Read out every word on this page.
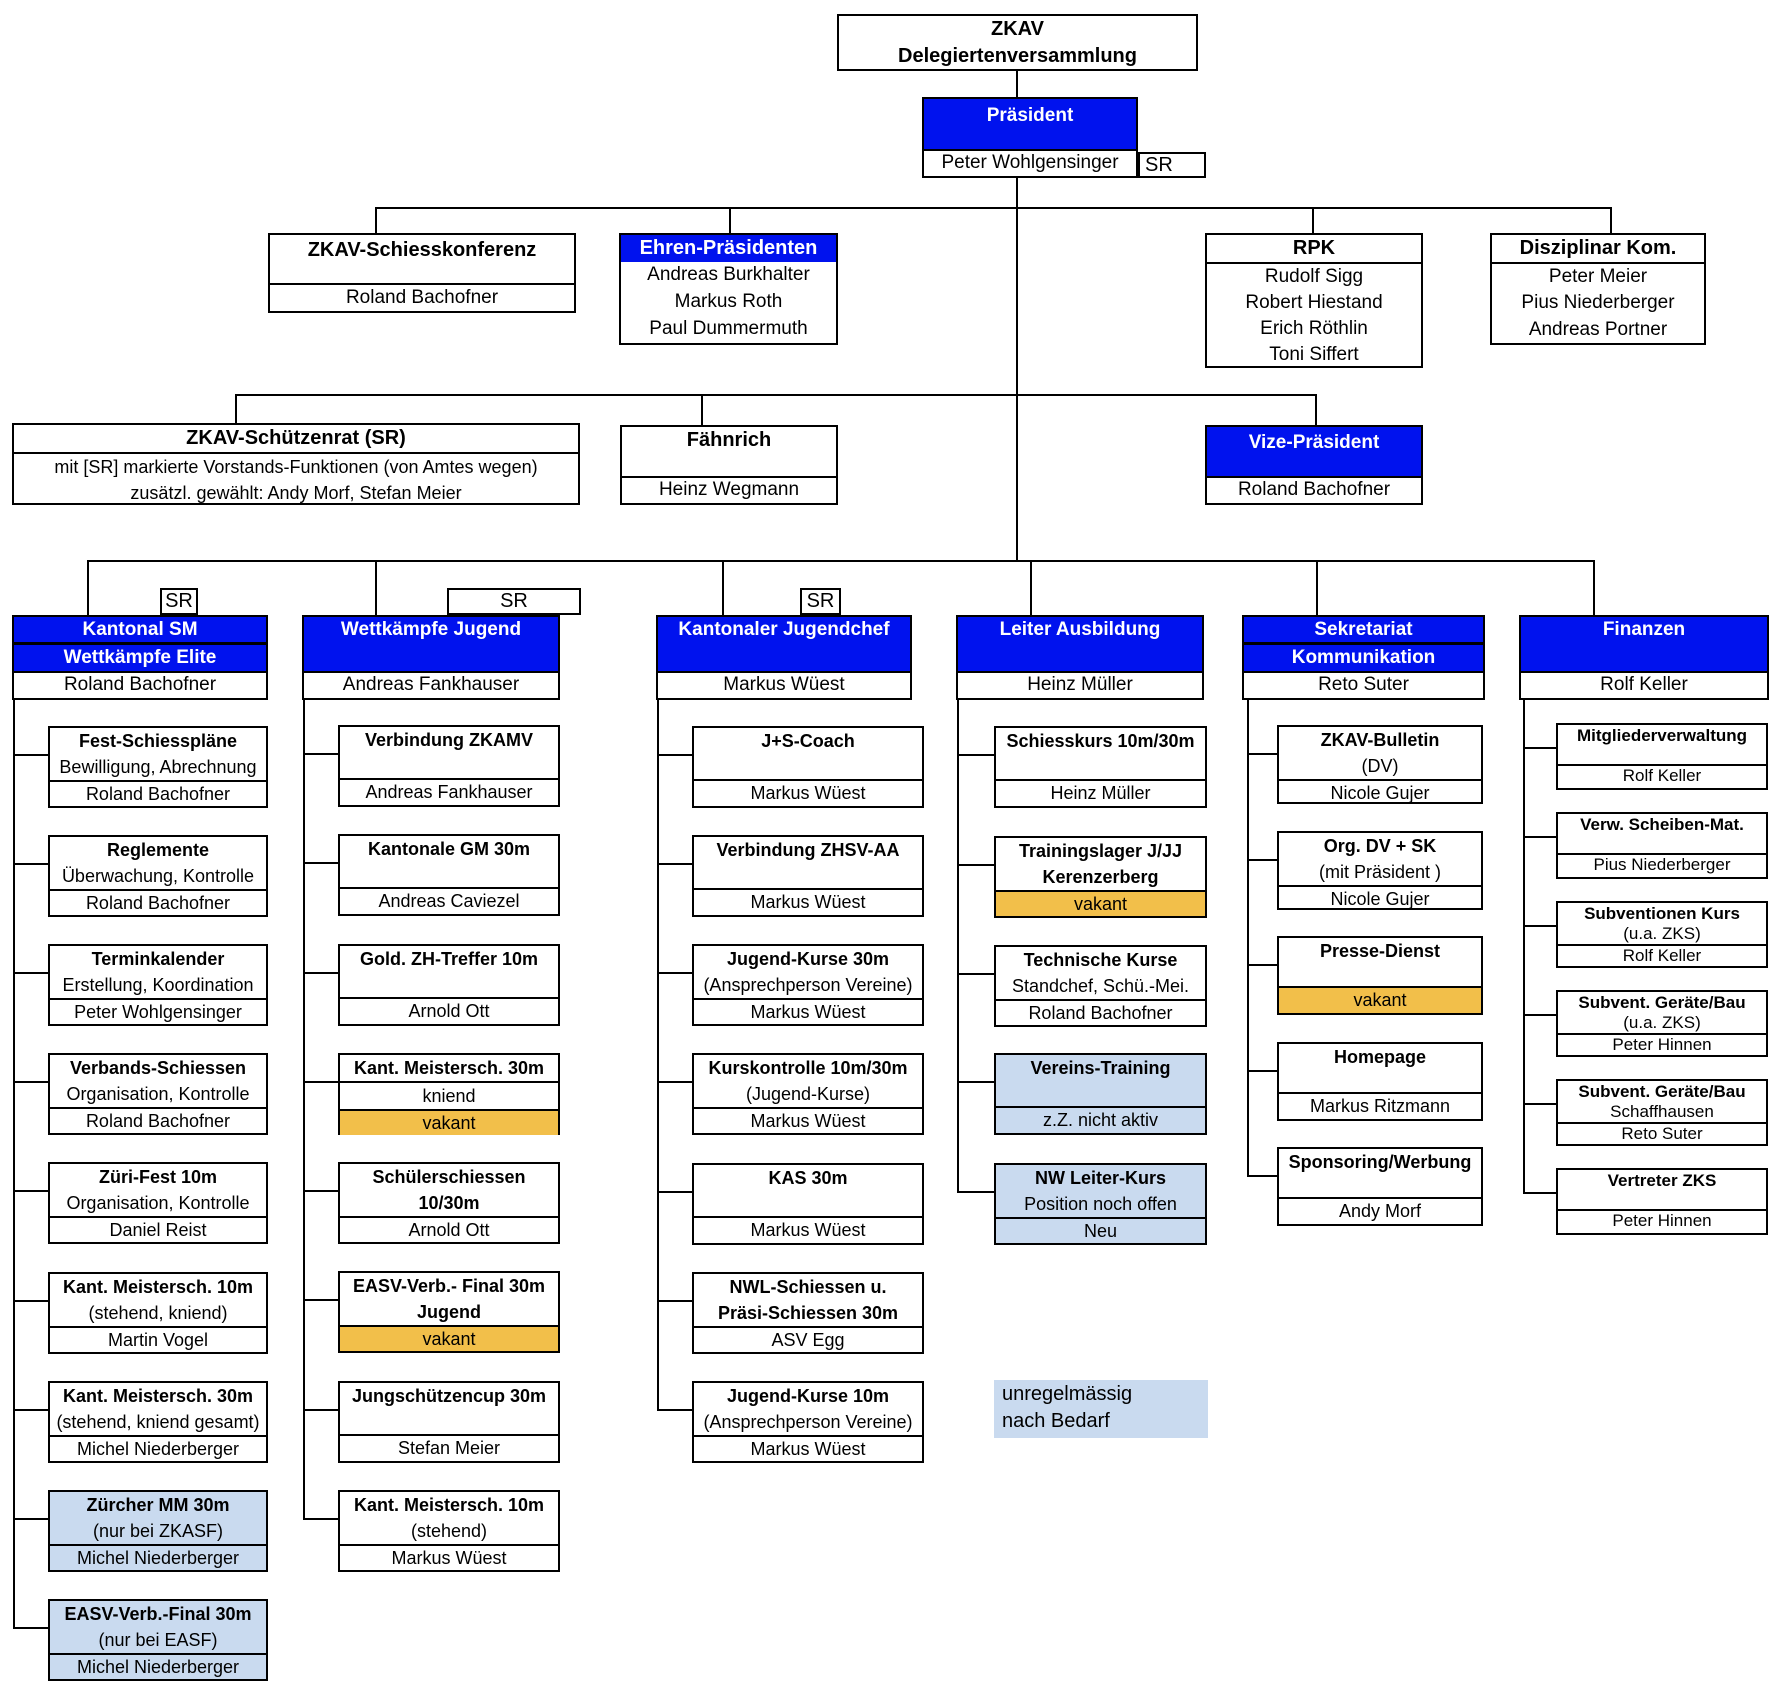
ZKAV
Delegiertenversammlung
Präsident
Peter Wohlgensinger	SR
ZKAV-Schiesskonferenz
Roland Bachofner
Ehren-Präsidenten
Andreas Burkhalter
Markus Roth
Paul Dummermuth
RPK
Rudolf Sigg
Robert Hiestand
Erich Röthlin
Toni Siffert
Disziplinar Kom.
Peter Meier
Pius Niederberger
Andreas Portner
ZKAV-Schützenrat (SR)
mit [SR] markierte Vorstands-Funktionen (von Amtes wegen)
zusätzl. gewählt: Andy Morf, Stefan Meier
Fähnrich
Heinz Wegmann
Vize-Präsident
Roland Bachofner
SR
Kantonal SM
Wettkämpfe Elite
Roland Bachofner
Fest-Schiesspläne
Bewilligung, Abrechnung
Roland Bachofner
Reglemente
Überwachung, Kontrolle
Roland Bachofner
Terminkalender
Erstellung, Koordination
Peter Wohlgensinger
Verbands-Schiessen
Organisation, Kontrolle
Roland Bachofner
Züri-Fest 10m
Organisation, Kontrolle
Daniel Reist
Kant. Meistersch. 10m
(stehend, kniend)
Martin Vogel
Kant. Meistersch. 30m
(stehend, kniend gesamt)
Michel Niederberger
Zürcher MM 30m
(nur bei ZKASF)
Michel Niederberger
EASV-Verb.-Final 30m
(nur bei EASF)
Michel Niederberger
SR
Wettkämpfe Jugend
Andreas Fankhauser
Verbindung ZKAMV
Andreas Fankhauser
Kantonale GM 30m
Andreas Caviezel
Gold. ZH-Treffer 10m
Arnold Ott
Kant. Meistersch. 30m
kniend
vakant
Schülerschiessen
10/30m
Arnold Ott
EASV-Verb.- Final 30m
Jugend
vakant
Jungschützencup 30m
Stefan Meier
Kant. Meistersch. 10m
(stehend)
Markus Wüest
SR
Kantonaler Jugendchef
Markus Wüest
J+S-Coach
Markus Wüest
Verbindung ZHSV-AA
Markus Wüest
Jugend-Kurse 30m
(Ansprechperson Vereine)
Markus Wüest
Kurskontrolle 10m/30m
(Jugend-Kurse)
Markus Wüest
KAS 30m
Markus Wüest
NWL-Schiessen u.
Präsi-Schiessen 30m
ASV Egg
Jugend-Kurse 10m
(Ansprechperson Vereine)
Markus Wüest
Leiter Ausbildung
Heinz Müller
Schiesskurs 10m/30m
Heinz Müller
Trainingslager J/JJ
Kerenzerberg
vakant
Technische Kurse
Standchef, Schü.-Mei.
Roland Bachofner
Vereins-Training
z.Z. nicht aktiv
NW Leiter-Kurs
Position noch offen
Neu
unregelmässig
nach Bedarf
Sekretariat
Kommunikation
Reto Suter
ZKAV-Bulletin
(DV)
Nicole Gujer
Org. DV + SK
(mit Präsident )
Nicole Gujer
Presse-Dienst
vakant
Homepage
Markus Ritzmann
Sponsoring/Werbung
Andy Morf
Finanzen
Rolf Keller
Mitgliederverwaltung
Rolf Keller
Verw. Scheiben-Mat.
Pius Niederberger
Subventionen Kurs
(u.a. ZKS)
Rolf Keller
Subvent. Geräte/Bau
(u.a. ZKS)
Peter Hinnen
Subvent. Geräte/Bau
Schaffhausen
Reto Suter
Vertreter ZKS
Peter Hinnen
